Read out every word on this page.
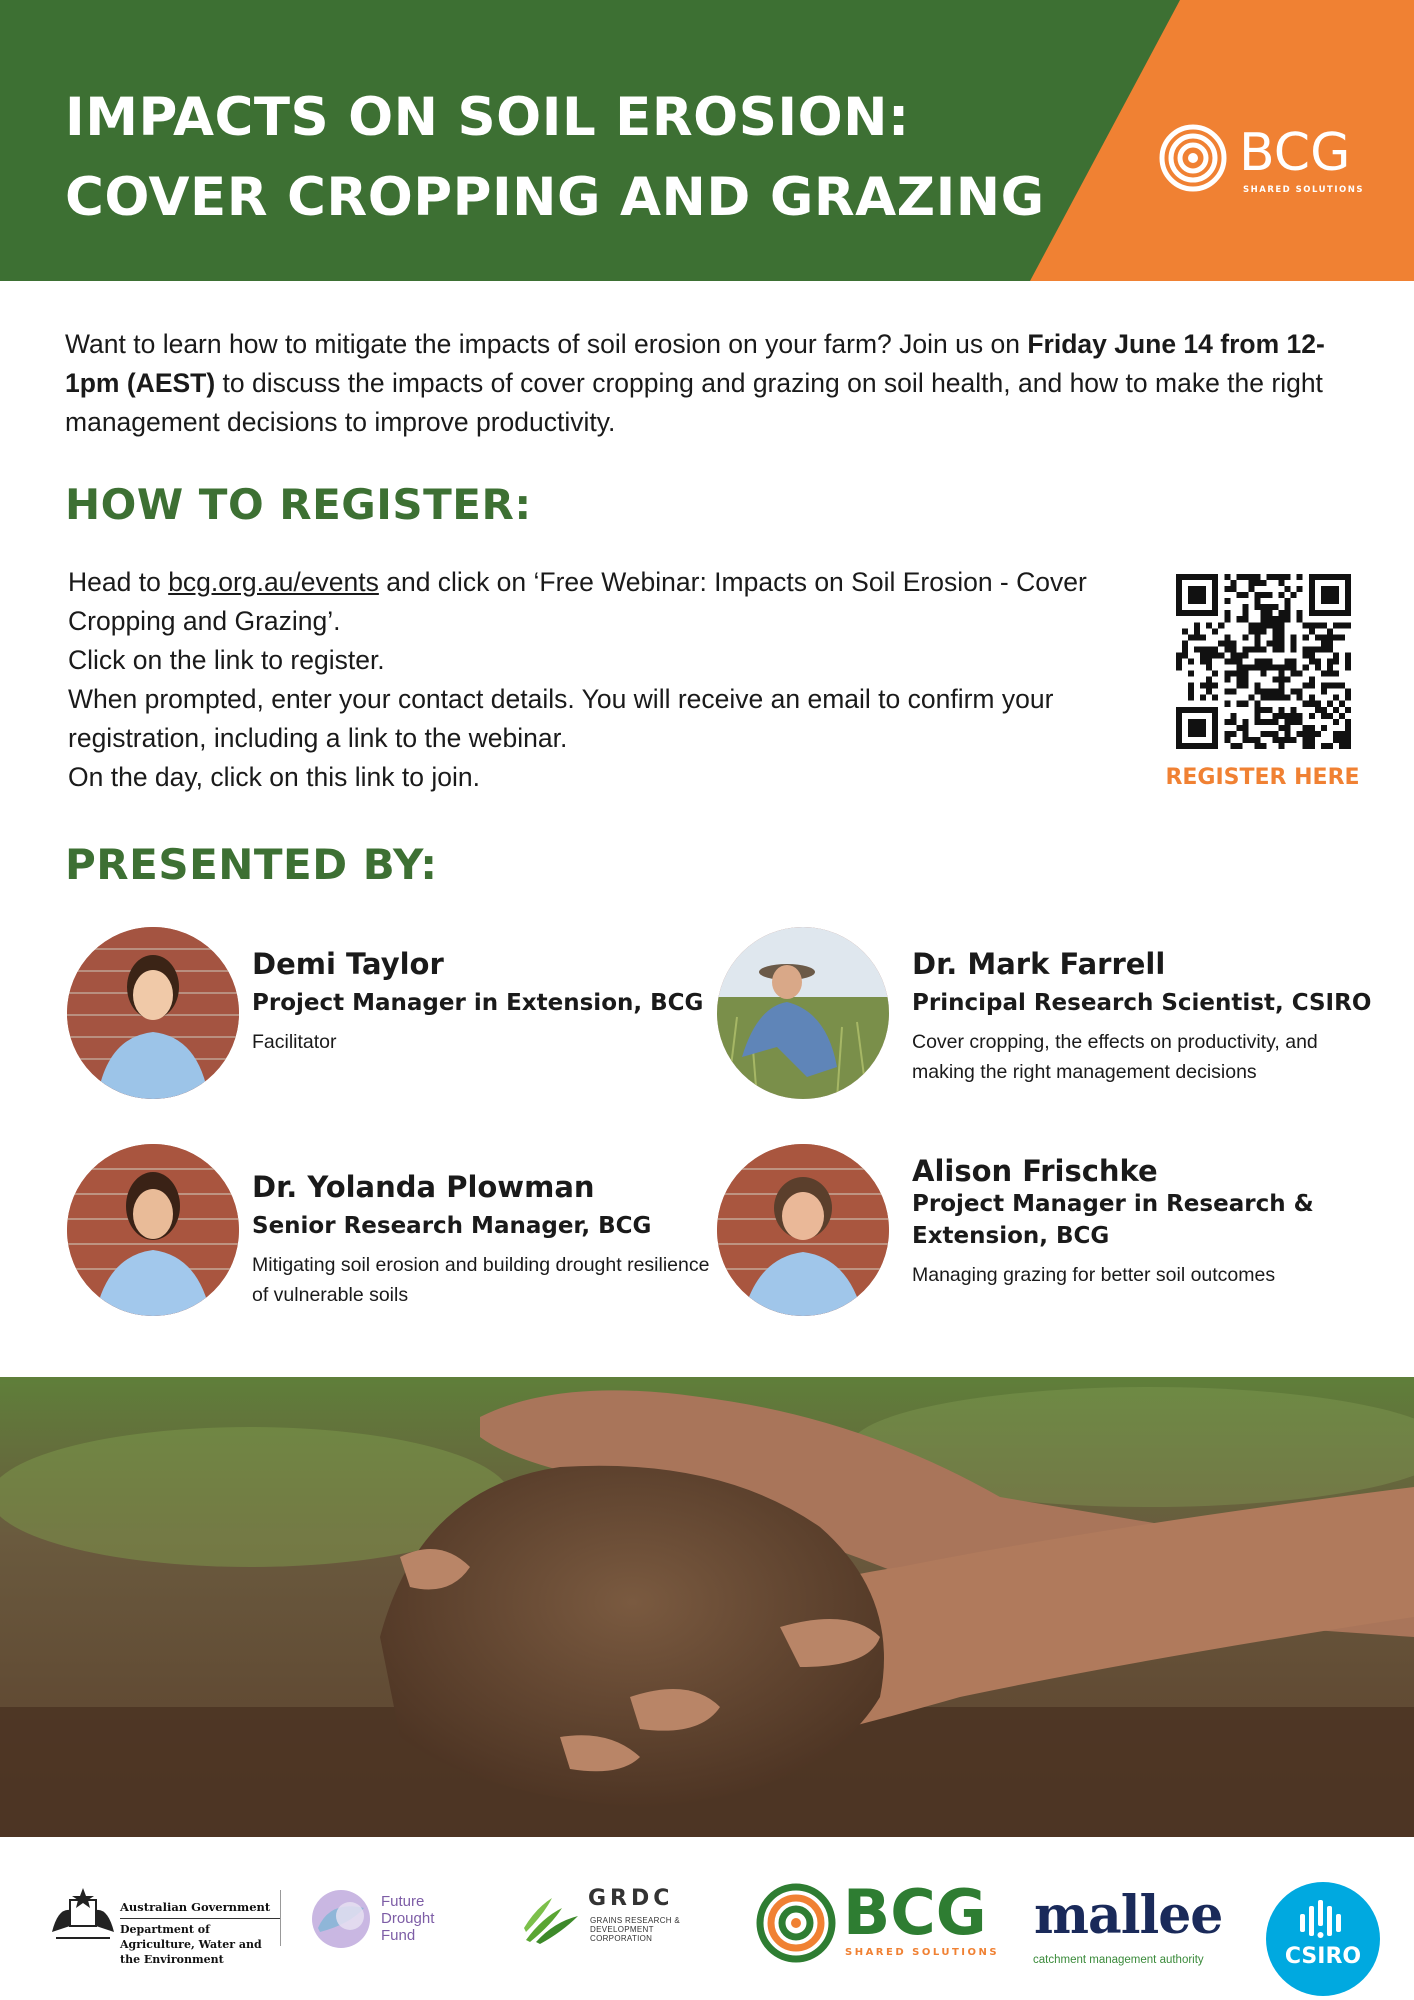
IMPACTS ON SOIL EROSION:
COVER CROPPING AND GRAZING
BCG
SHARED SOLUTIONS

Want to learn how to mitigate the impacts of soil erosion on your farm? Join us on Friday June 14 from 12-1pm (AEST) to discuss the impacts of cover cropping and grazing on soil health, and how to make the right management decisions to improve productivity.

HOW TO REGISTER:
Head to bcg.org.au/events and click on ‘Free Webinar: Impacts on Soil Erosion - Cover Cropping and Grazing’.
Click on the link to register.
When prompted, enter your contact details. You will receive an email to confirm your registration, including a link to the webinar.
On the day, click on this link to join.	REGISTER HERE
PRESENTED BY:
Demi Taylor
Project Manager in Extension, BCG
Facilitator
Dr. Mark Farrell
Principal Research Scientist, CSIRO
Cover cropping, the effects on productivity, and making the right management decisions
Dr. Yolanda Plowman
Senior Research Manager, BCG
Mitigating soil erosion and building drought resilience of vulnerable soils
Alison Frischke
Project Manager in Research & Extension, BCG
Managing grazing for better soil outcomes
Australian Government
Department of Agriculture, Water and the Environment
Future Drought Fund
GRDC
GRAINS RESEARCH & DEVELOPMENT CORPORATION	BCG
SHARED SOLUTIONS
mallee
catchment management authority	CSIRO
